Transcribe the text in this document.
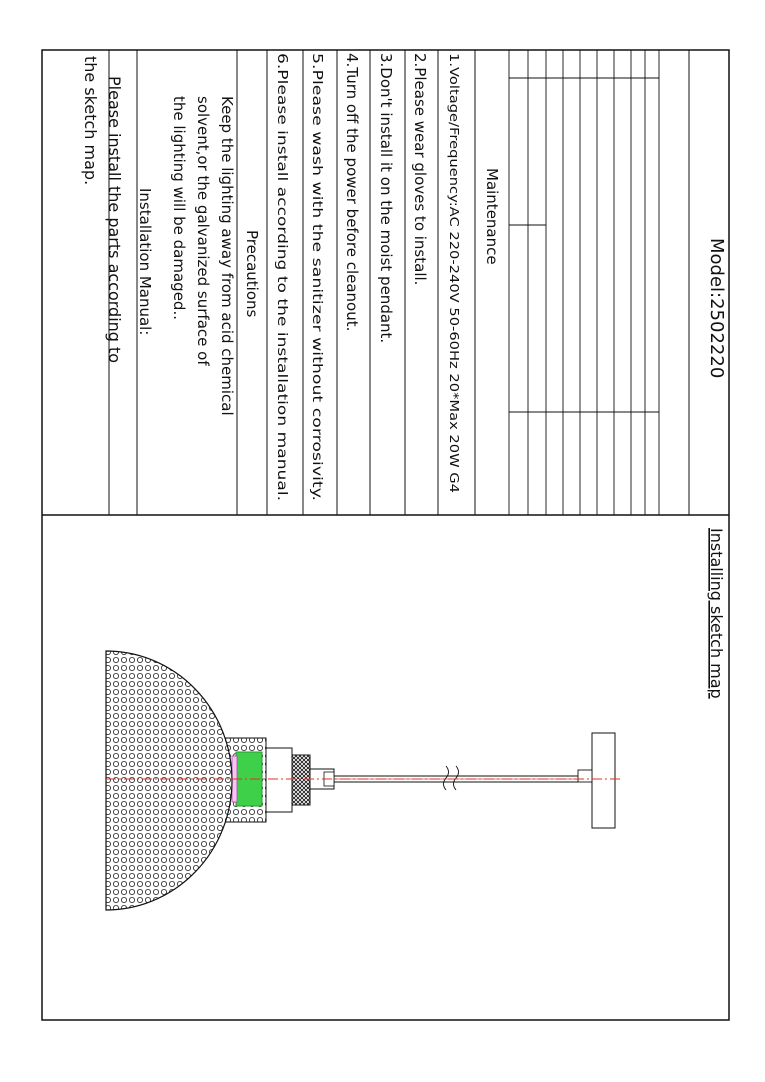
Model:2502220
Maintenance
1.Voltage/Frequency:AC 220-240V 50-60Hz 20*Max 20W G4
2.Please wear gloves to install.
3.Don't install it on the moist pendant.
4.Turn off the power before cleanout.
5.Please wash with the sanitizer without corrosivity.
6.Please install according to the installation manual.
Precautions
Keep the lighting away from acid chemical
solvent,or the galvanized surface of
the lighting will be damaged..
Installation Manual:
Please install the parts according to
the sketch map.
Installing sketch map
